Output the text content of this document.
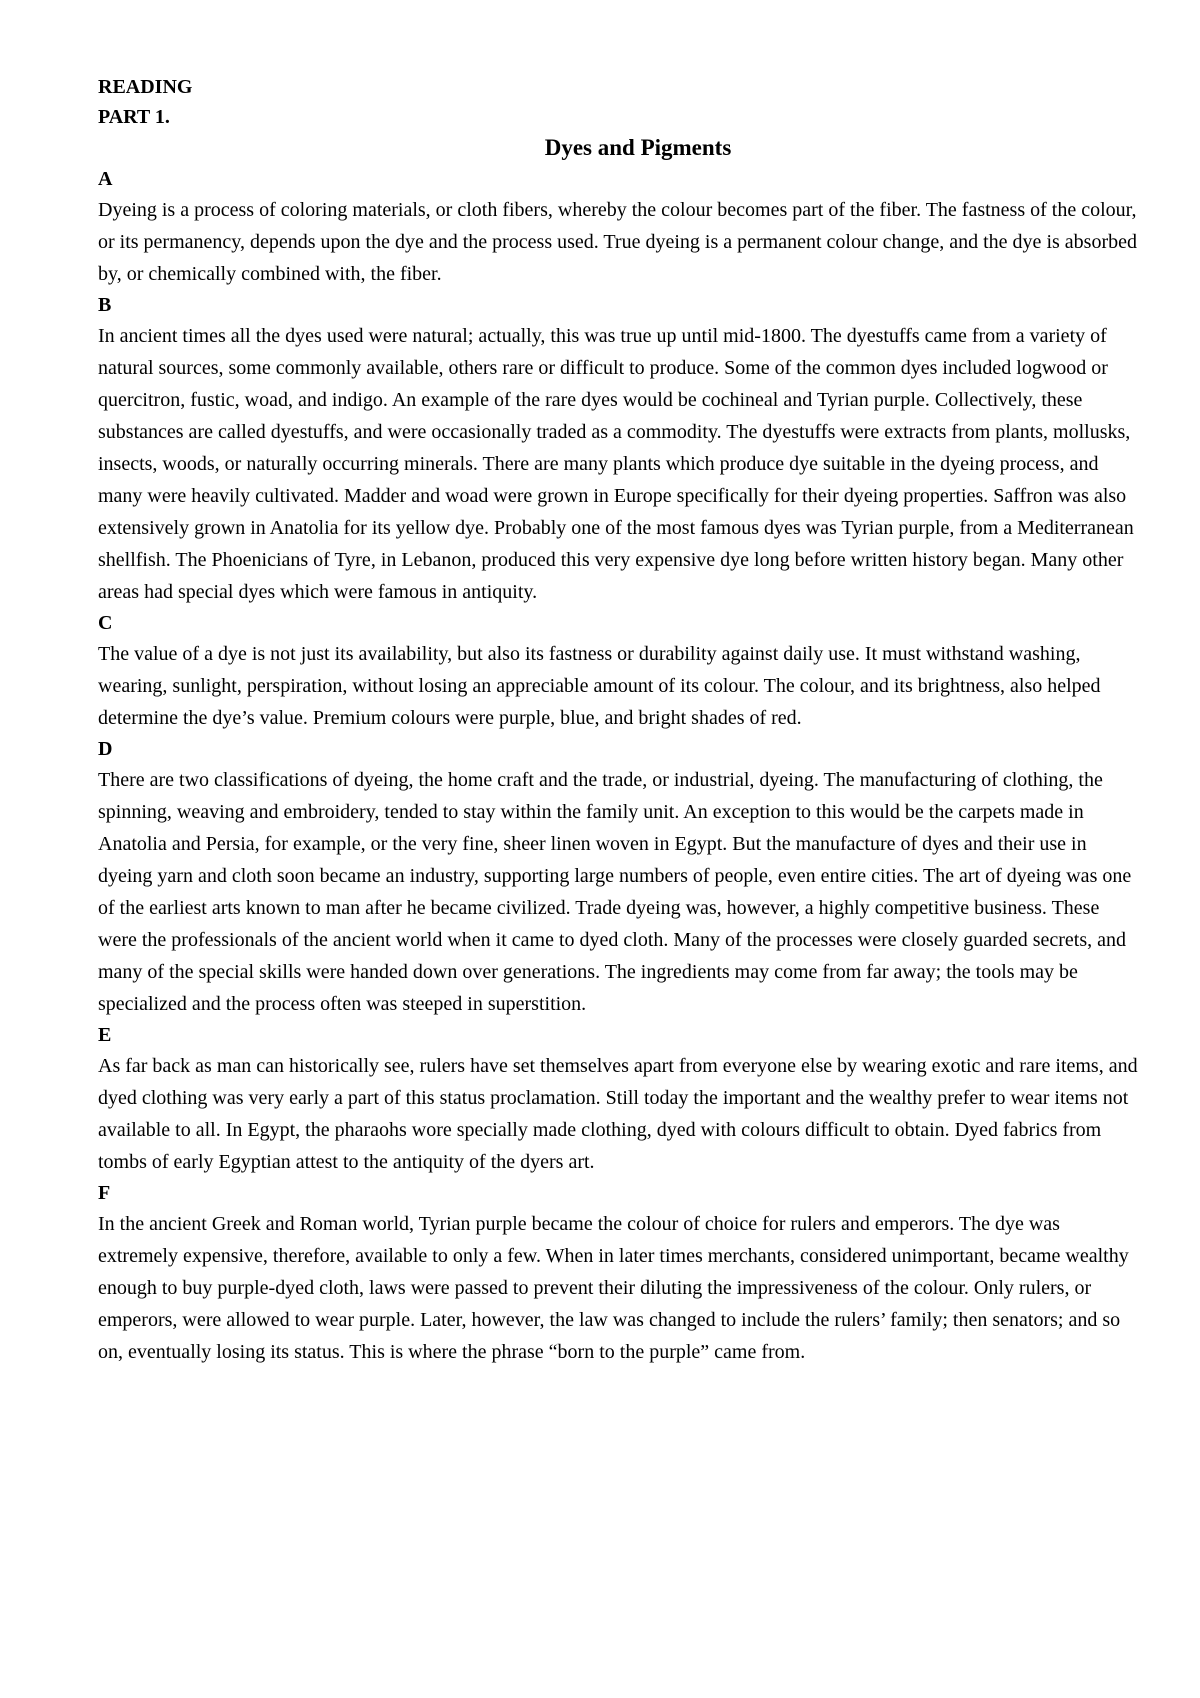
READING

PART 1.

Dyes and Pigments

A

Dyeing is a process of coloring materials, or cloth fibers, whereby the colour becomes part of the fiber. The fastness of the colour, or its permanency, depends upon the dye and the process used. True dyeing is a permanent colour change, and the dye is absorbed by, or chemically combined with, the fiber.

B

In ancient times all the dyes used were natural; actually, this was true up until mid-1800. The dyestuffs came from a variety of natural sources, some commonly available, others rare or difficult to produce. Some of the common dyes included logwood or quercitron, fustic, woad, and indigo. An example of the rare dyes would be cochineal and Tyrian purple. Collectively, these substances are called dyestuffs, and were occasionally traded as a commodity. The dyestuffs were extracts from plants, mollusks, insects, woods, or naturally occurring minerals. There are many plants which produce dye suitable in the dyeing process, and many were heavily cultivated. Madder and woad were grown in Europe specifically for their dyeing properties. Saffron was also extensively grown in Anatolia for its yellow dye. Probably one of the most famous dyes was Tyrian purple, from a Mediterranean shellfish. The Phoenicians of Tyre, in Lebanon, produced this very expensive dye long before written history began. Many other areas had special dyes which were famous in antiquity.

C

The value of a dye is not just its availability, but also its fastness or durability against daily use. It must withstand washing, wearing, sunlight, perspiration, without losing an appreciable amount of its colour. The colour, and its brightness, also helped determine the dye’s value. Premium colours were purple, blue, and bright shades of red.

D

There are two classifications of dyeing, the home craft and the trade, or industrial, dyeing. The manufacturing of clothing, the spinning, weaving and embroidery, tended to stay within the family unit. An exception to this would be the carpets made in Anatolia and Persia, for example, or the very fine, sheer linen woven in Egypt. But the manufacture of dyes and their use in dyeing yarn and cloth soon became an industry, supporting large numbers of people, even entire cities. The art of dyeing was one of the earliest arts known to man after he became civilized. Trade dyeing was, however, a highly competitive business. These were the professionals of the ancient world when it came to dyed cloth. Many of the processes were closely guarded secrets, and many of the special skills were handed down over generations. The ingredients may come from far away; the tools may be specialized and the process often was steeped in superstition.

E

As far back as man can historically see, rulers have set themselves apart from everyone else by wearing exotic and rare items, and dyed clothing was very early a part of this status proclamation. Still today the important and the wealthy prefer to wear items not available to all. In Egypt, the pharaohs wore specially made clothing, dyed with colours difficult to obtain. Dyed fabrics from tombs of early Egyptian attest to the antiquity of the dyers art.

F

In the ancient Greek and Roman world, Tyrian purple became the colour of choice for rulers and emperors. The dye was extremely expensive, therefore, available to only a few. When in later times merchants, considered unimportant, became wealthy enough to buy purple-dyed cloth, laws were passed to prevent their diluting the impressiveness of the colour. Only rulers, or emperors, were allowed to wear purple. Later, however, the law was changed to include the rulers’ family; then senators; and so on, eventually losing its status. This is where the phrase “born to the purple” came from.
